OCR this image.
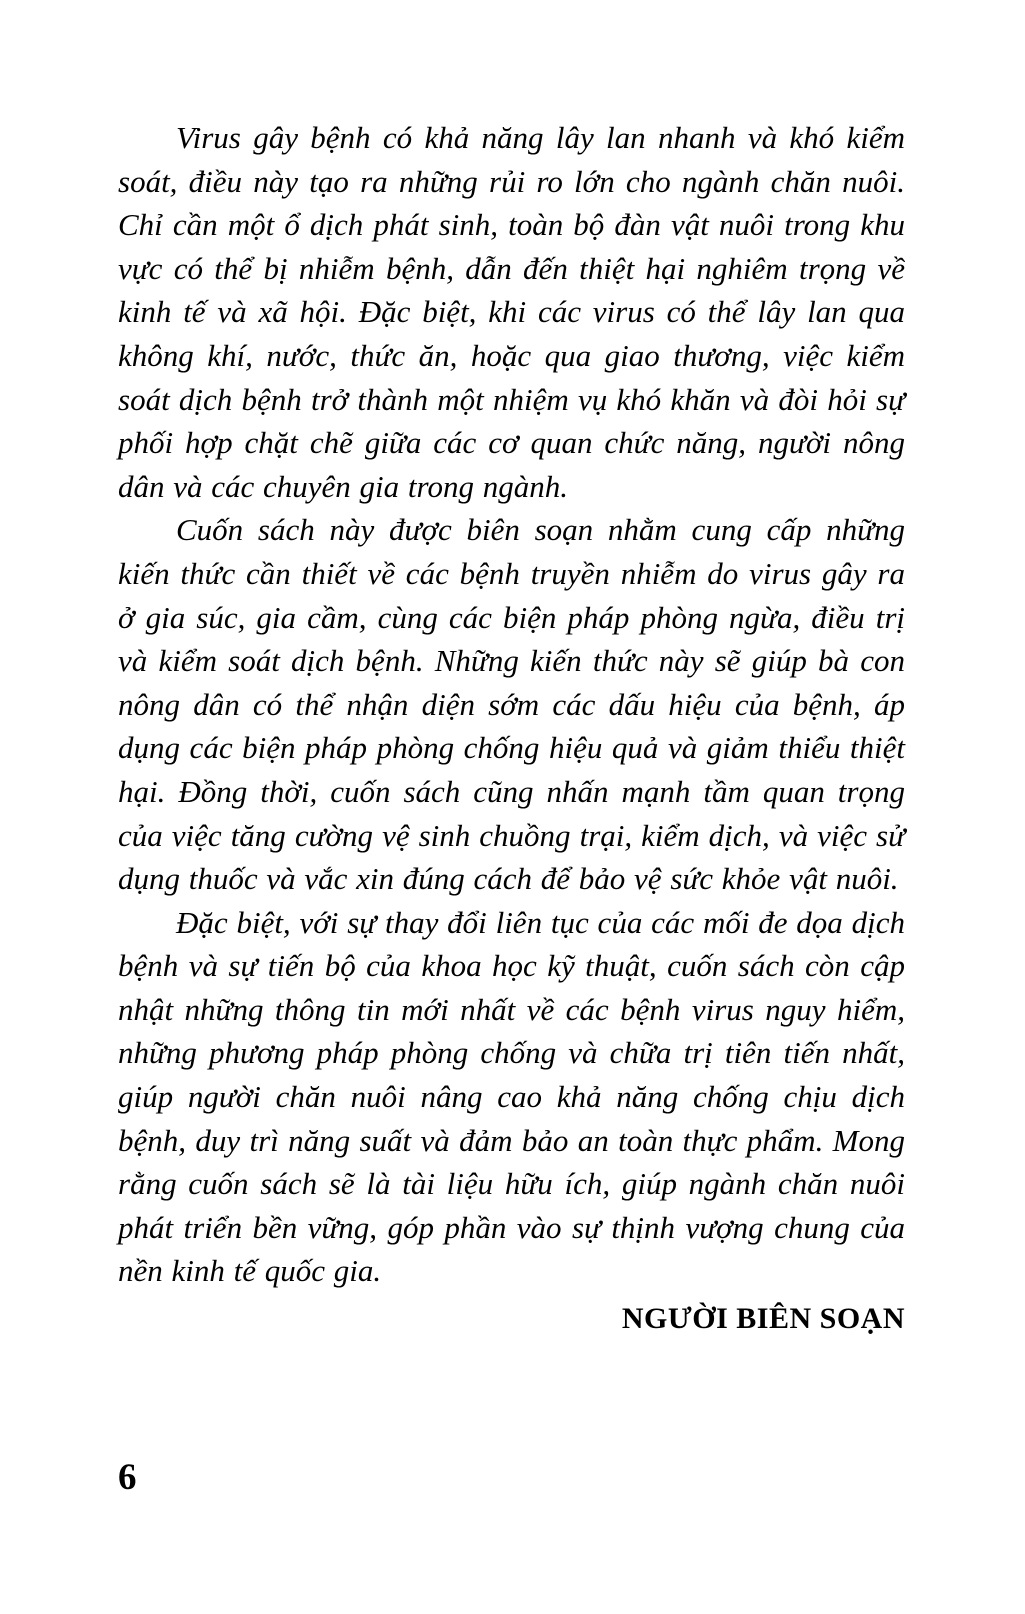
Virus gây bệnh có khả năng lây lan nhanh và khó kiểm soát, điều này tạo ra những rủi ro lớn cho ngành chăn nuôi. Chỉ cần một ổ dịch phát sinh, toàn bộ đàn vật nuôi trong khu vực có thể bị nhiễm bệnh, dẫn đến thiệt hại nghiêm trọng về kinh tế và xã hội. Đặc biệt, khi các virus có thể lây lan qua không khí, nước, thức ăn, hoặc qua giao thương, việc kiểm soát dịch bệnh trở thành một nhiệm vụ khó khăn và đòi hỏi sự phối hợp chặt chẽ giữa các cơ quan chức năng, người nông dân và các chuyên gia trong ngành.

Cuốn sách này được biên soạn nhằm cung cấp những kiến thức cần thiết về các bệnh truyền nhiễm do virus gây ra ở gia súc, gia cầm, cùng các biện pháp phòng ngừa, điều trị và kiểm soát dịch bệnh. Những kiến thức này sẽ giúp bà con nông dân có thể nhận diện sớm các dấu hiệu của bệnh, áp dụng các biện pháp phòng chống hiệu quả và giảm thiểu thiệt hại. Đồng thời, cuốn sách cũng nhấn mạnh tầm quan trọng của việc tăng cường vệ sinh chuồng trại, kiểm dịch, và việc sử dụng thuốc và vắc xin đúng cách để bảo vệ sức khỏe vật nuôi.

Đặc biệt, với sự thay đổi liên tục của các mối đe dọa dịch bệnh và sự tiến bộ của khoa học kỹ thuật, cuốn sách còn cập nhật những thông tin mới nhất về các bệnh virus nguy hiểm, những phương pháp phòng chống và chữa trị tiên tiến nhất, giúp người chăn nuôi nâng cao khả năng chống chịu dịch bệnh, duy trì năng suất và đảm bảo an toàn thực phẩm. Mong rằng cuốn sách sẽ là tài liệu hữu ích, giúp ngành chăn nuôi phát triển bền vững, góp phần vào sự thịnh vượng chung của nền kinh tế quốc gia.

NGƯỜI BIÊN SOẠN
6
